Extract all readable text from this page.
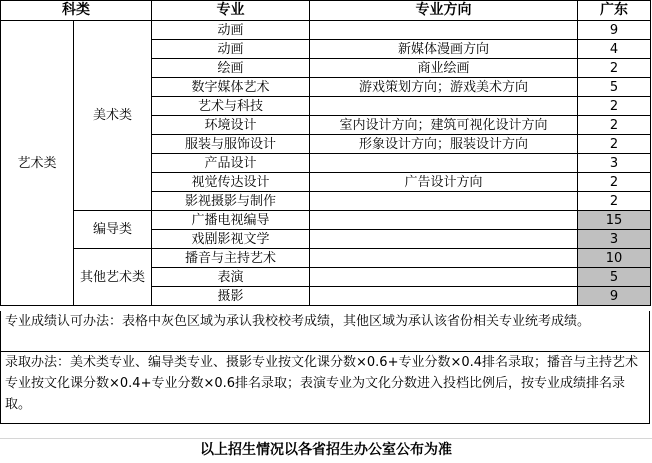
科类		专业	专业方向	广东
艺术类	美术类	动画		9
		动画	新媒体漫画方向	4
		绘画	商业绘画	2
		数字媒体艺术	游戏策划方向；游戏美术方向	5
		艺术与科技		2
		环境设计	室内设计方向；建筑可视化设计方向	2
		服装与服饰设计	形象设计方向；服装设计方向	2
		产品设计		3
		视觉传达设计	广告设计方向	2
		影视摄影与制作		2
	编导类	广播电视编导		15
		戏剧影视文学		3
	其他艺术类	播音与主持艺术		10
		表演		5
		摄影		9
专业成绩认可办法：表格中灰色区域为承认我校校考成绩，其他区域为承认该省份相关专业统考成绩。
录取办法：美术类专业、编导类专业、摄影专业按文化课分数×0.6+专业分数×0.4排名录取；播音与主持艺术专业按文化课分数×0.4+专业分数×0.6排名录取；表演专业为文化分数进入投档比例后，按专业成绩排名录取。
以上招生情况以各省招生办公室公布为准
